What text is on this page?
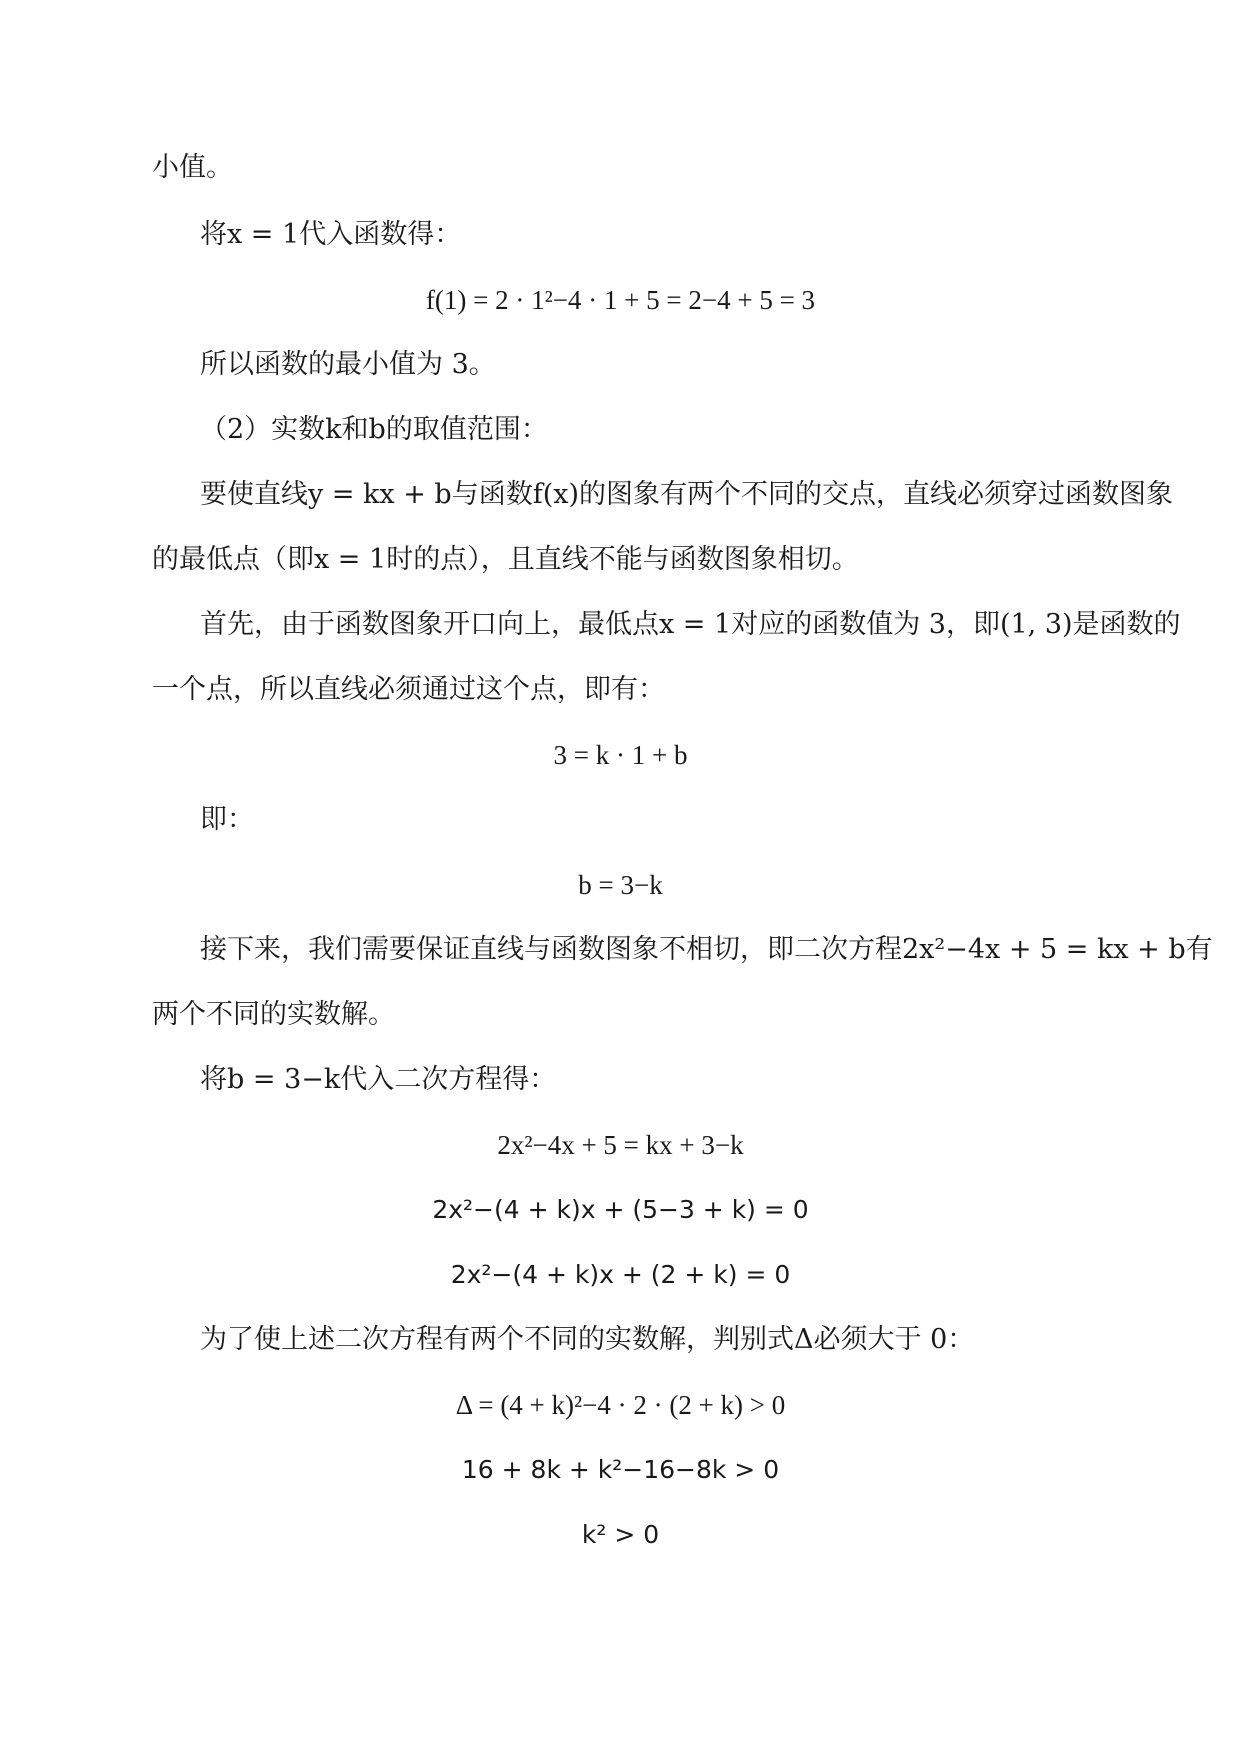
小值。
将x = 1代入函数得：
f(1) = 2 · 1²−4 · 1 + 5 = 2−4 + 5 = 3
所以函数的最小值为 3。
（2）实数k和b的取值范围：
要使直线y = kx + b与函数f(x)的图象有两个不同的交点，直线必须穿过函数图象
的最低点（即x = 1时的点），且直线不能与函数图象相切。
首先，由于函数图象开口向上，最低点x = 1对应的函数值为 3，即(1, 3)是函数的
一个点，所以直线必须通过这个点，即有：
3 = k · 1 + b
即：
b = 3−k
接下来，我们需要保证直线与函数图象不相切，即二次方程2x²−4x + 5 = kx + b有
两个不同的实数解。
将b = 3−k代入二次方程得：
2x²−4x + 5 = kx + 3−k
2x²−(4 + k)x + (5−3 + k) = 0
2x²−(4 + k)x + (2 + k) = 0
为了使上述二次方程有两个不同的实数解，判别式Δ必须大于 0：
Δ = (4 + k)²−4 · 2 · (2 + k) > 0
16 + 8k + k²−16−8k > 0
k² > 0
